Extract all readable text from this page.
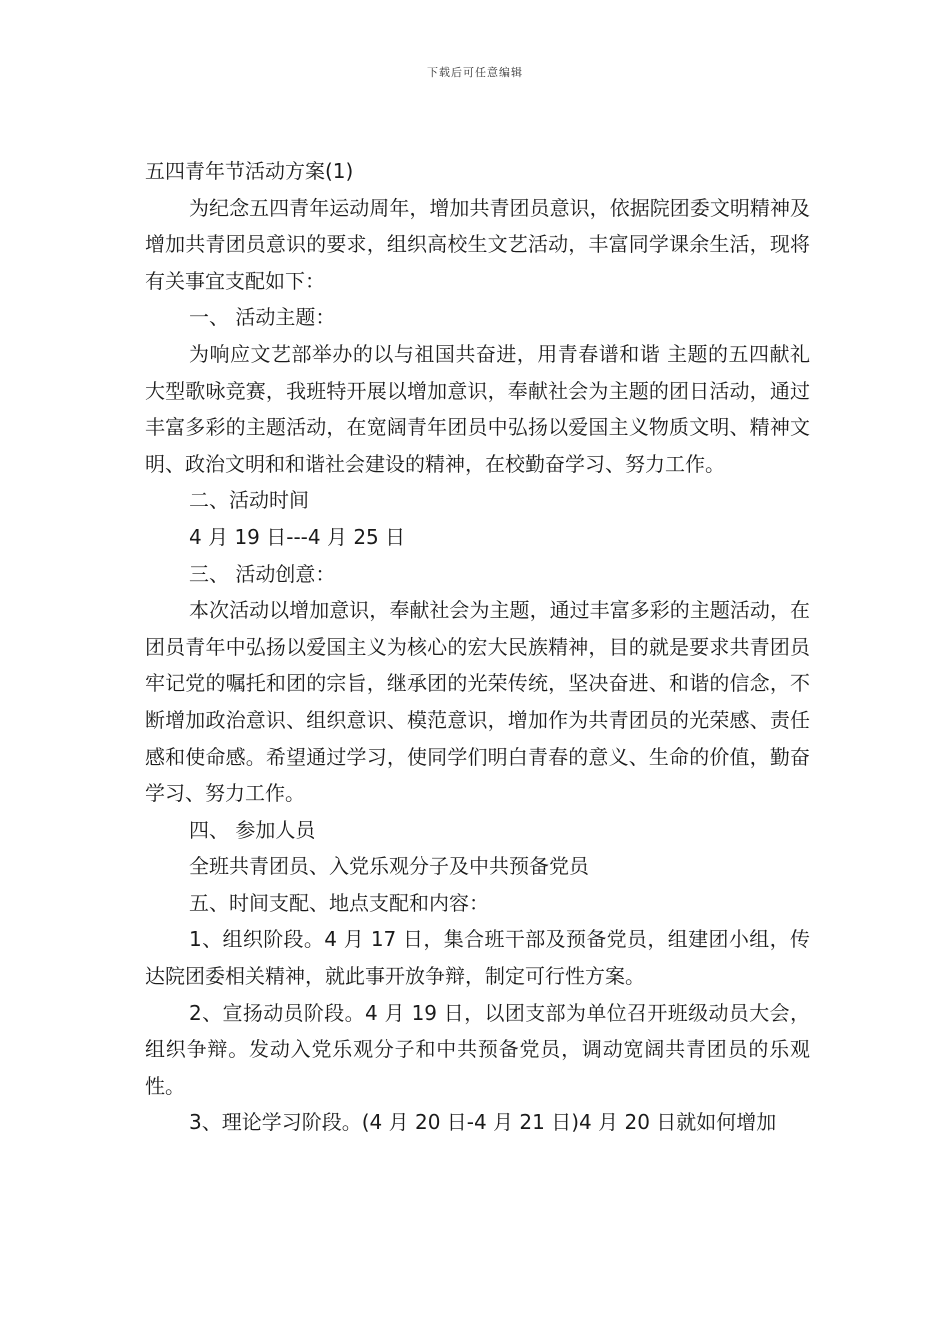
下载后可任意编辑
五四青年节活动方案(1)

为纪念五四青年运动周年，增加共青团员意识，依据院团委文明精神及增加共青团员意识的要求，组织高校生文艺活动，丰富同学课余生活，现将有关事宜支配如下：

一、 活动主题：

为响应文艺部举办的以与祖国共奋进，用青春谱和谐 主题的五四献礼大型歌咏竞赛，我班特开展以增加意识，奉献社会为主题的团日活动，通过丰富多彩的主题活动，在宽阔青年团员中弘扬以爱国主义物质文明、精神文明、政治文明和和谐社会建设的精神，在校勤奋学习、努力工作。

二、活动时间

4 月 19 日---4 月 25 日

三、 活动创意：

本次活动以增加意识，奉献社会为主题，通过丰富多彩的主题活动，在团员青年中弘扬以爱国主义为核心的宏大民族精神，目的就是要求共青团员牢记党的嘱托和团的宗旨，继承团的光荣传统，坚决奋进、和谐的信念，不断增加政治意识、组织意识、模范意识，增加作为共青团员的光荣感、责任感和使命感。希望通过学习，使同学们明白青春的意义、生命的价值，勤奋学习、努力工作。

四、 参加人员

全班共青团员、入党乐观分子及中共预备党员

五、时间支配、地点支配和内容：

1、组织阶段。4 月 17 日，集合班干部及预备党员，组建团小组，传达院团委相关精神，就此事开放争辩，制定可行性方案。

2、宣扬动员阶段。4 月 19 日，以团支部为单位召开班级动员大会，组织争辩。发动入党乐观分子和中共预备党员，调动宽阔共青团员的乐观性。

3、理论学习阶段。(4 月 20 日-4 月 21 日)4 月 20 日就如何增加
